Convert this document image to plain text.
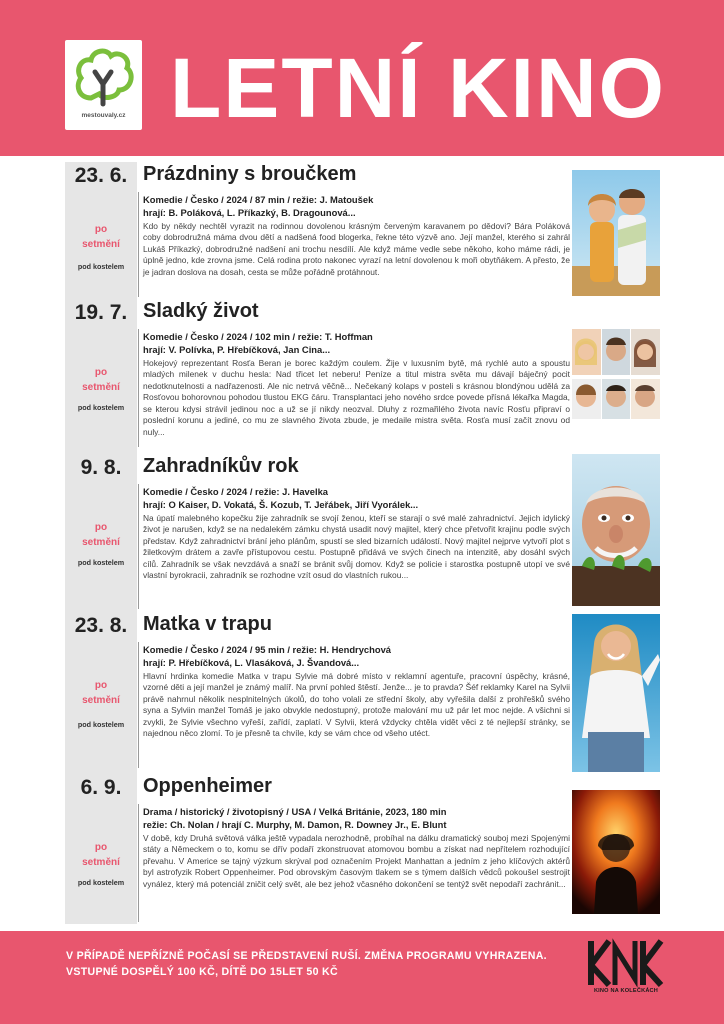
mestouvaly.cz LETNÍ KINO
23. 6.
po
setmění
pod kostelem
Prázdniny s broučkem
Komedie / Česko / 2024 / 87 min / režie: J. Matoušek
hrají: B. Poláková, L. Příkazký, B. Dragounová...
Kdo by někdy nechtěl vyrazit na rodinnou dovolenou krásným červeným karavanem po dědovi? Bára Poláková coby dobrodružná máma dvou dětí a nadšená food blogerka, řekne této výzvě ano. Její manžel, kterého si zahrál Lukáš Příkazký, dobrodružné nadšení ani trochu nesdílí. Ale když máme vedle sebe někoho, koho máme rádi, je úplně jedno, kde zrovna jsme. Celá rodina proto nakonec vyrazí na letní dovolenou k moři obytňákem. A přesto, že je jadran doslova na dosah, cesta se může pořádně protáhnout.
19. 7.
po
setmění
pod kostelem
Sladký život
Komedie / Česko / 2024 / 102 min / režie: T. Hoffman
hrají: V. Polívka, P. Hřebíčková, Jan Cina...
Hokejový reprezentant Rosťa Beran je borec každým coulem. Žije v luxusním bytě, má rychlé auto a spoustu mladých milenek v duchu hesla: Nad třicet let neberu! Peníze a titul mistra světa mu dávají báječný pocit nedotknutelnosti a nadřazenosti. Ale nic netrvá věčně... Nečekaný kolaps v posteli s krásnou blondýnou udělá za Rosťovou bohorovnou pohodou tlustou EKG čáru. Transplantaci jeho nového srdce povede přísná lékařka Magda, se kterou kdysi strávil jedinou noc a už se jí nikdy neozval. Dluhy z rozmařilého života navíc Rosťu připraví o poslední korunu a jediné, co mu ze slavného života zbude, je medaile mistra světa. Rosťa musí začít znovu od nuly...
9. 8.
po
setmění
pod kostelem
Zahradníkův rok
Komedie / Česko / 2024 / režie: J. Havelka
hrají: O Kaiser, D. Vokatá, Š. Kozub, T. Jeřábek, Jiří Vyorálek...
Na úpatí malebného kopečku žije zahradník se svojí ženou, kteří se starají o své malé zahradnictví. Jejich idylický život je narušen, když se na nedalekém zámku chystá usadit nový majitel, který chce přetvořit krajinu podle svých představ. Když zahradnictví brání jeho plánům, spustí se sled bizarních událostí. Nový majitel nejprve vytvoří plot s žiletkovým drátem a zavře přístupovou cestu. Postupně přidává ve svých činech na intenzitě, aby dosáhl svých cílů. Zahradník se však nevzdává a snaží se bránit svůj domov. Když se policie i starostka postupně utopí ve své vlastní byrokracii, zahradník se rozhodne vzít osud do vlastních rukou...
23. 8.
po
setmění
pod kostelem
Matka v trapu
Komedie / Česko / 2024 / 95 min / režie: H. Hendrychová
hrají: P. Hřebíčková, L. Vlasáková, J. Švandová...
Hlavní hrdinka komedie Matka v trapu Sylvie má dobré místo v reklamní agentuře, pracovní úspěchy, krásné, vzorné děti a její manžel je známý malíř. Na první pohled štěstí. Jenže... je to pravda? Šéf reklamky Karel na Sylvii právě nahrnul několik nesplnitelných úkolů, do toho volali ze střední školy, aby vyřešila další z prohřešků svého syna a Sylviin manžel Tomáš je jako obvykle nedostupný, protože malování mu už pár let moc nejde. A všichni si zvykli, že Sylvie všechno vyřeší, zařídí, zaplatí. V Sylvii, která vždycky chtěla vidět věci z té nejlepší stránky, se najednou něco zlomí. To je přesně ta chvíle, kdy se vám chce od všeho utéct.
6. 9.
po
setmění
pod kostelem
Oppenheimer
Drama / historický / životopisný / USA / Velká Británie, 2023, 180 min
režie: Ch. Nolan / hrají C. Murphy, M. Damon, R. Downey Jr., E. Blunt
V době, kdy Druhá světová válka ještě vypadala nerozhodně, probíhal na dálku dramatický souboj mezi Spojenými státy a Německem o to, komu se dřív podaří zkonstruovat atomovou bombu a získat nad nepřítelem rozhodující převahu. V Americe se tajný výzkum skrýval pod označením Projekt Manhattan a jedním z jeho klíčových aktérů byl astrofyzik Robert Oppenheimer. Pod obrovským časovým tlakem se s týmem dalších vědců pokoušel sestrojit vynález, který má potenciál zničit celý svět, ale bez jehož včasného dokončení se tentýž svět nepodaří zachránit...
V PŘÍPADĚ NEPŘÍZNĚ POČASÍ SE PŘEDSTAVENÍ RUŠÍ. ZMĚNA PROGRAMU VYHRAZENA.
VSTUPNÉ DOSPĚLÝ 100 KČ, DÍTĚ DO 15LET 50 KČ
KINO NA KOLEČKÁCH
